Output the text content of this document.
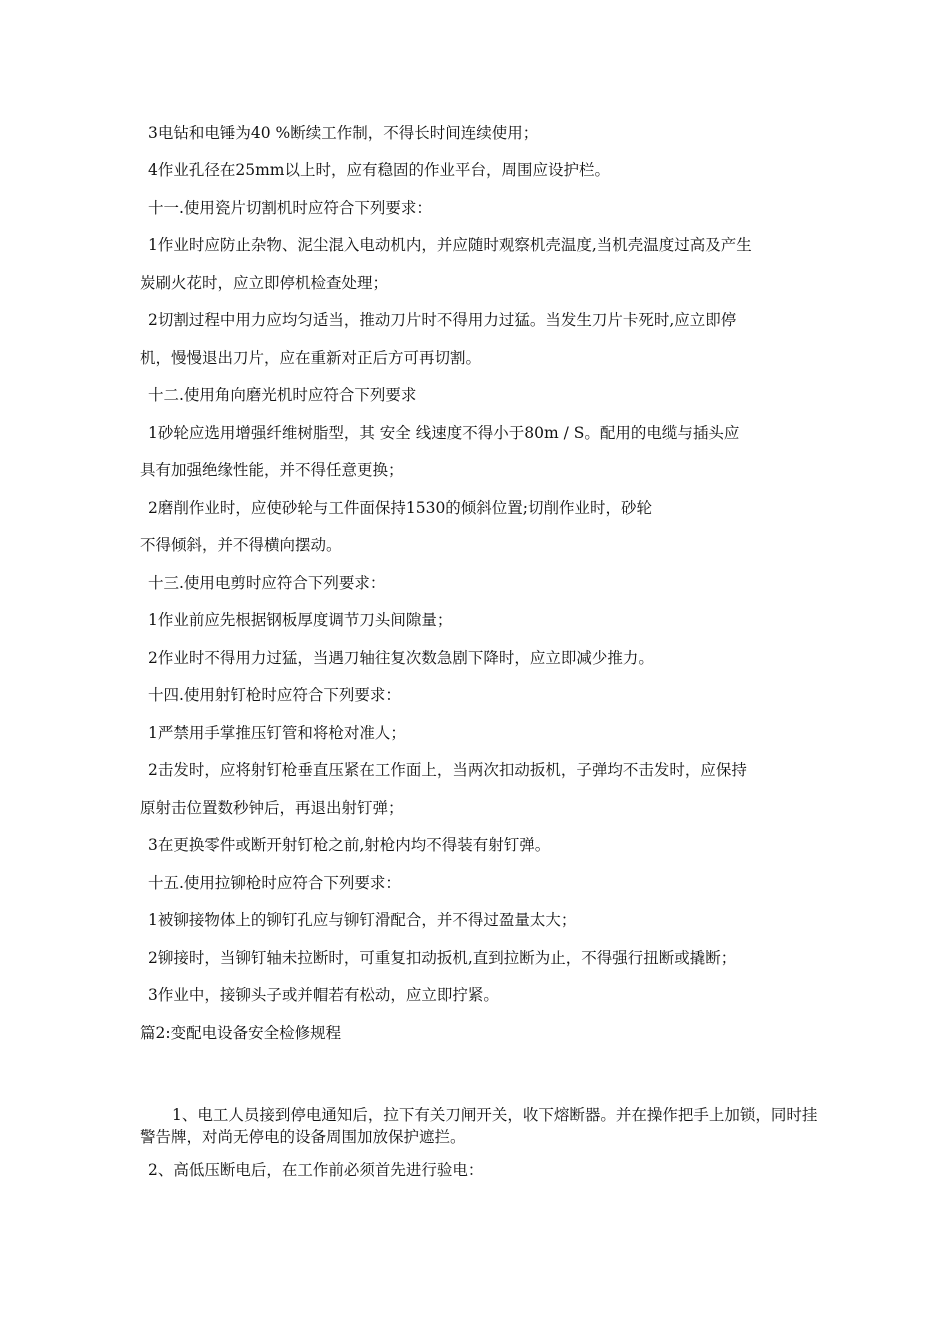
3电钻和电锤为40 %断续工作制，不得长时间连续使用；
4作业孔径在25mm以上时，应有稳固的作业平台，周围应设护栏。
十一.使用瓷片切割机时应符合下列要求：
1作业时应防止杂物、泥尘混入电动机内，并应随时观察机壳温度,当机壳温度过高及产生
炭刷火花时，应立即停机检查处理；
2切割过程中用力应均匀适当，推动刀片时不得用力过猛。当发生刀片卡死时,应立即停
机，慢慢退出刀片，应在重新对正后方可再切割。
十二.使用角向磨光机时应符合下列要求
1砂轮应选用增强纤维树脂型，其 安全 线速度不得小于80m / S。配用的电缆与插头应
具有加强绝缘性能，并不得任意更换；
2磨削作业时，应使砂轮与工件面保持1530的倾斜位置;切削作业时，砂轮
不得倾斜，并不得横向摆动。
十三.使用电剪时应符合下列要求：
1作业前应先根据钢板厚度调节刀头间隙量；
2作业时不得用力过猛，当遇刀轴往复次数急剧下降时，应立即减少推力。
十四.使用射钉枪时应符合下列要求：
1严禁用手掌推压钉管和将枪对准人；
2击发时，应将射钉枪垂直压紧在工作面上，当两次扣动扳机，子弹均不击发时，应保持
原射击位置数秒钟后，再退出射钉弹；
3在更换零件或断开射钉枪之前,射枪内均不得装有射钉弹。
十五.使用拉铆枪时应符合下列要求：
1被铆接物体上的铆钉孔应与铆钉滑配合，并不得过盈量太大；
2铆接时，当铆钉轴未拉断时，可重复扣动扳机,直到拉断为止，不得强行扭断或撬断；
3作业中，接铆头子或并帽若有松动，应立即拧紧。
篇2:变配电设备安全检修规程
1、电工人员接到停电通知后，拉下有关刀闸开关，收下熔断器。并在操作把手上加锁，同时挂警告牌，对尚无停电的设备周围加放保护遮拦。
2、高低压断电后，在工作前必须首先进行验电：
